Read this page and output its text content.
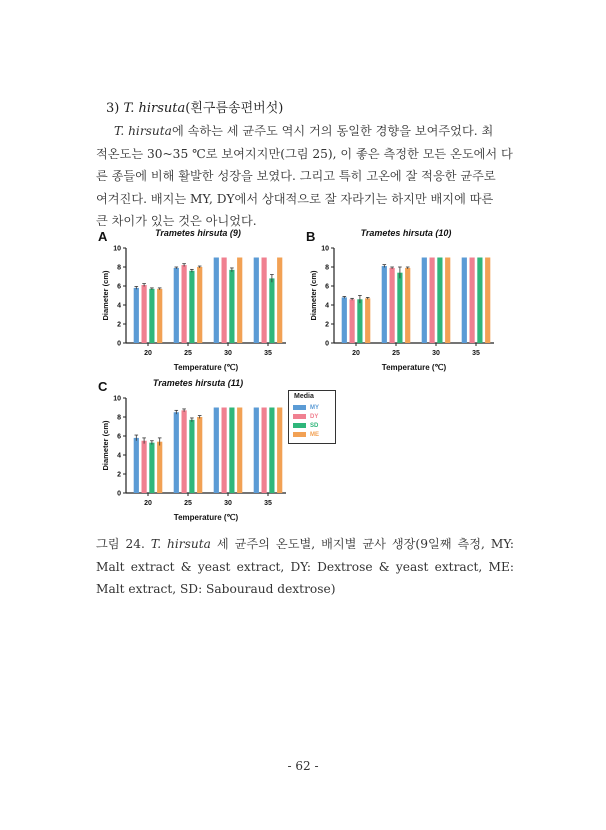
3) T. hirsuta(흰구름송편버섯)
T. hirsuta에 속하는 세 균주도 역시 거의 동일한 경향을 보여주었다. 최
적온도는 30~35 ℃로 보여지지만(그림 25), 이 좋은 측정한 모든 온도에서 다
른 종들에 비해 활발한 성장을 보였다. 그리고 특히 고온에 잘 적응한 균주로
여겨진다. 배지는 MY, DY에서 상대적으로 잘 자라기는 하지만 배지에 따른
큰 차이가 있는 것은 아니었다.
A	Trametes hirsuta (9)
0
2
4
6
8
10
Diameter (cm)
20	25	30	35
Temperature (℃)
B	Trametes hirsuta (10)
0
2
4
6
8
10
Diameter (cm)
20	25	30	35
Temperature (℃)
C	Trametes hirsuta (11)
0
2
4
6
8
10
Diameter (cm)
20	25	30	35
Temperature (℃)
Media
MY
DY
SD
ME
그림 24. T. hirsuta 세 균주의 온도별, 배지별 균사 생장(9일째 측정, MY: Malt extract & yeast extract, DY: Dextrose & yeast extract, ME: Malt extract, SD: Sabouraud dextrose)
- 62 -
